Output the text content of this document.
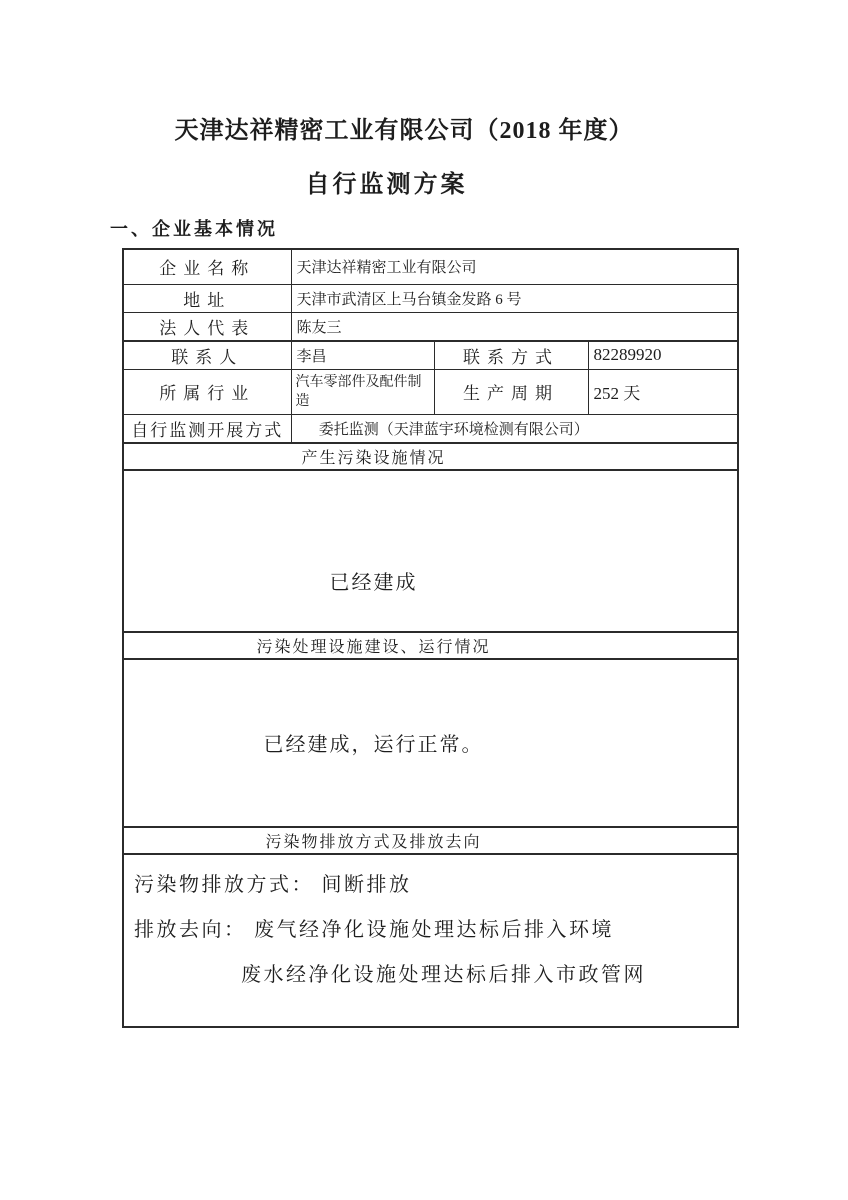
天津达祥精密工业有限公司（2018 年度）
自行监测方案
一、企业基本情况
企业名称	天津达祥精密工业有限公司		
地址	天津市武清区上马台镇金发路 6 号		
法人代表	陈友三		
联系人	李昌	联系方式	82289920
所属行业	汽车零部件及配件制造	生产周期	252 天
自行监测开展方式	委托监测（天津蓝宇环境检测有限公司）		
产生污染设施情况			
已经建成			
污染处理设施建设、运行情况			
已经建成，运行正常。			
污染物排放方式及排放去向			

污染物排放方式： 间断排放
排放去向： 废气经净化设施处理达标后排入环境
废水经净化设施处理达标后排入市政管网			
